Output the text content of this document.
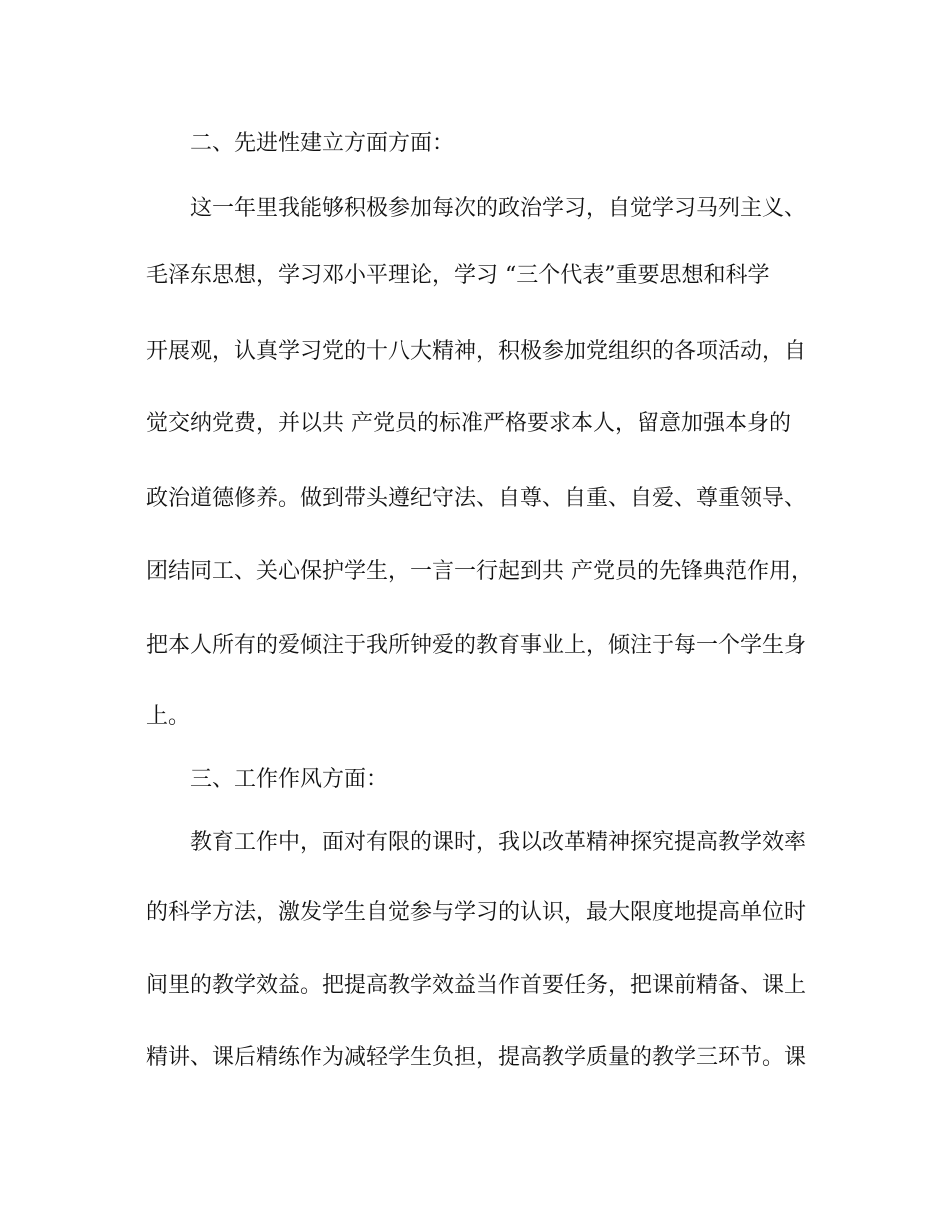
二、先进性建立方面方面：

这一年里我能够积极参加每次的政治学习，自觉学习马列主义、

毛泽东思想，学习邓小平理论，学习 “三个代表”重要思想和科学

开展观，认真学习党的十八大精神，积极参加党组织的各项活动，自

觉交纳党费，并以共 产党员的标准严格要求本人，留意加强本身的

政治道德修养。做到带头遵纪守法、自尊、自重、自爱、尊重领导、

团结同工、关心保护学生，一言一行起到共 产党员的先锋典范作用，

把本人所有的爱倾注于我所钟爱的教育事业上，倾注于每一个学生身

上。

三、工作作风方面：

教育工作中，面对有限的课时，我以改革精神探究提高教学效率

的科学方法，激发学生自觉参与学习的认识，最大限度地提高单位时

间里的教学效益。把提高教学效益当作首要任务，把课前精备、课上

精讲、课后精练作为减轻学生负担，提高教学质量的教学三环节。课
